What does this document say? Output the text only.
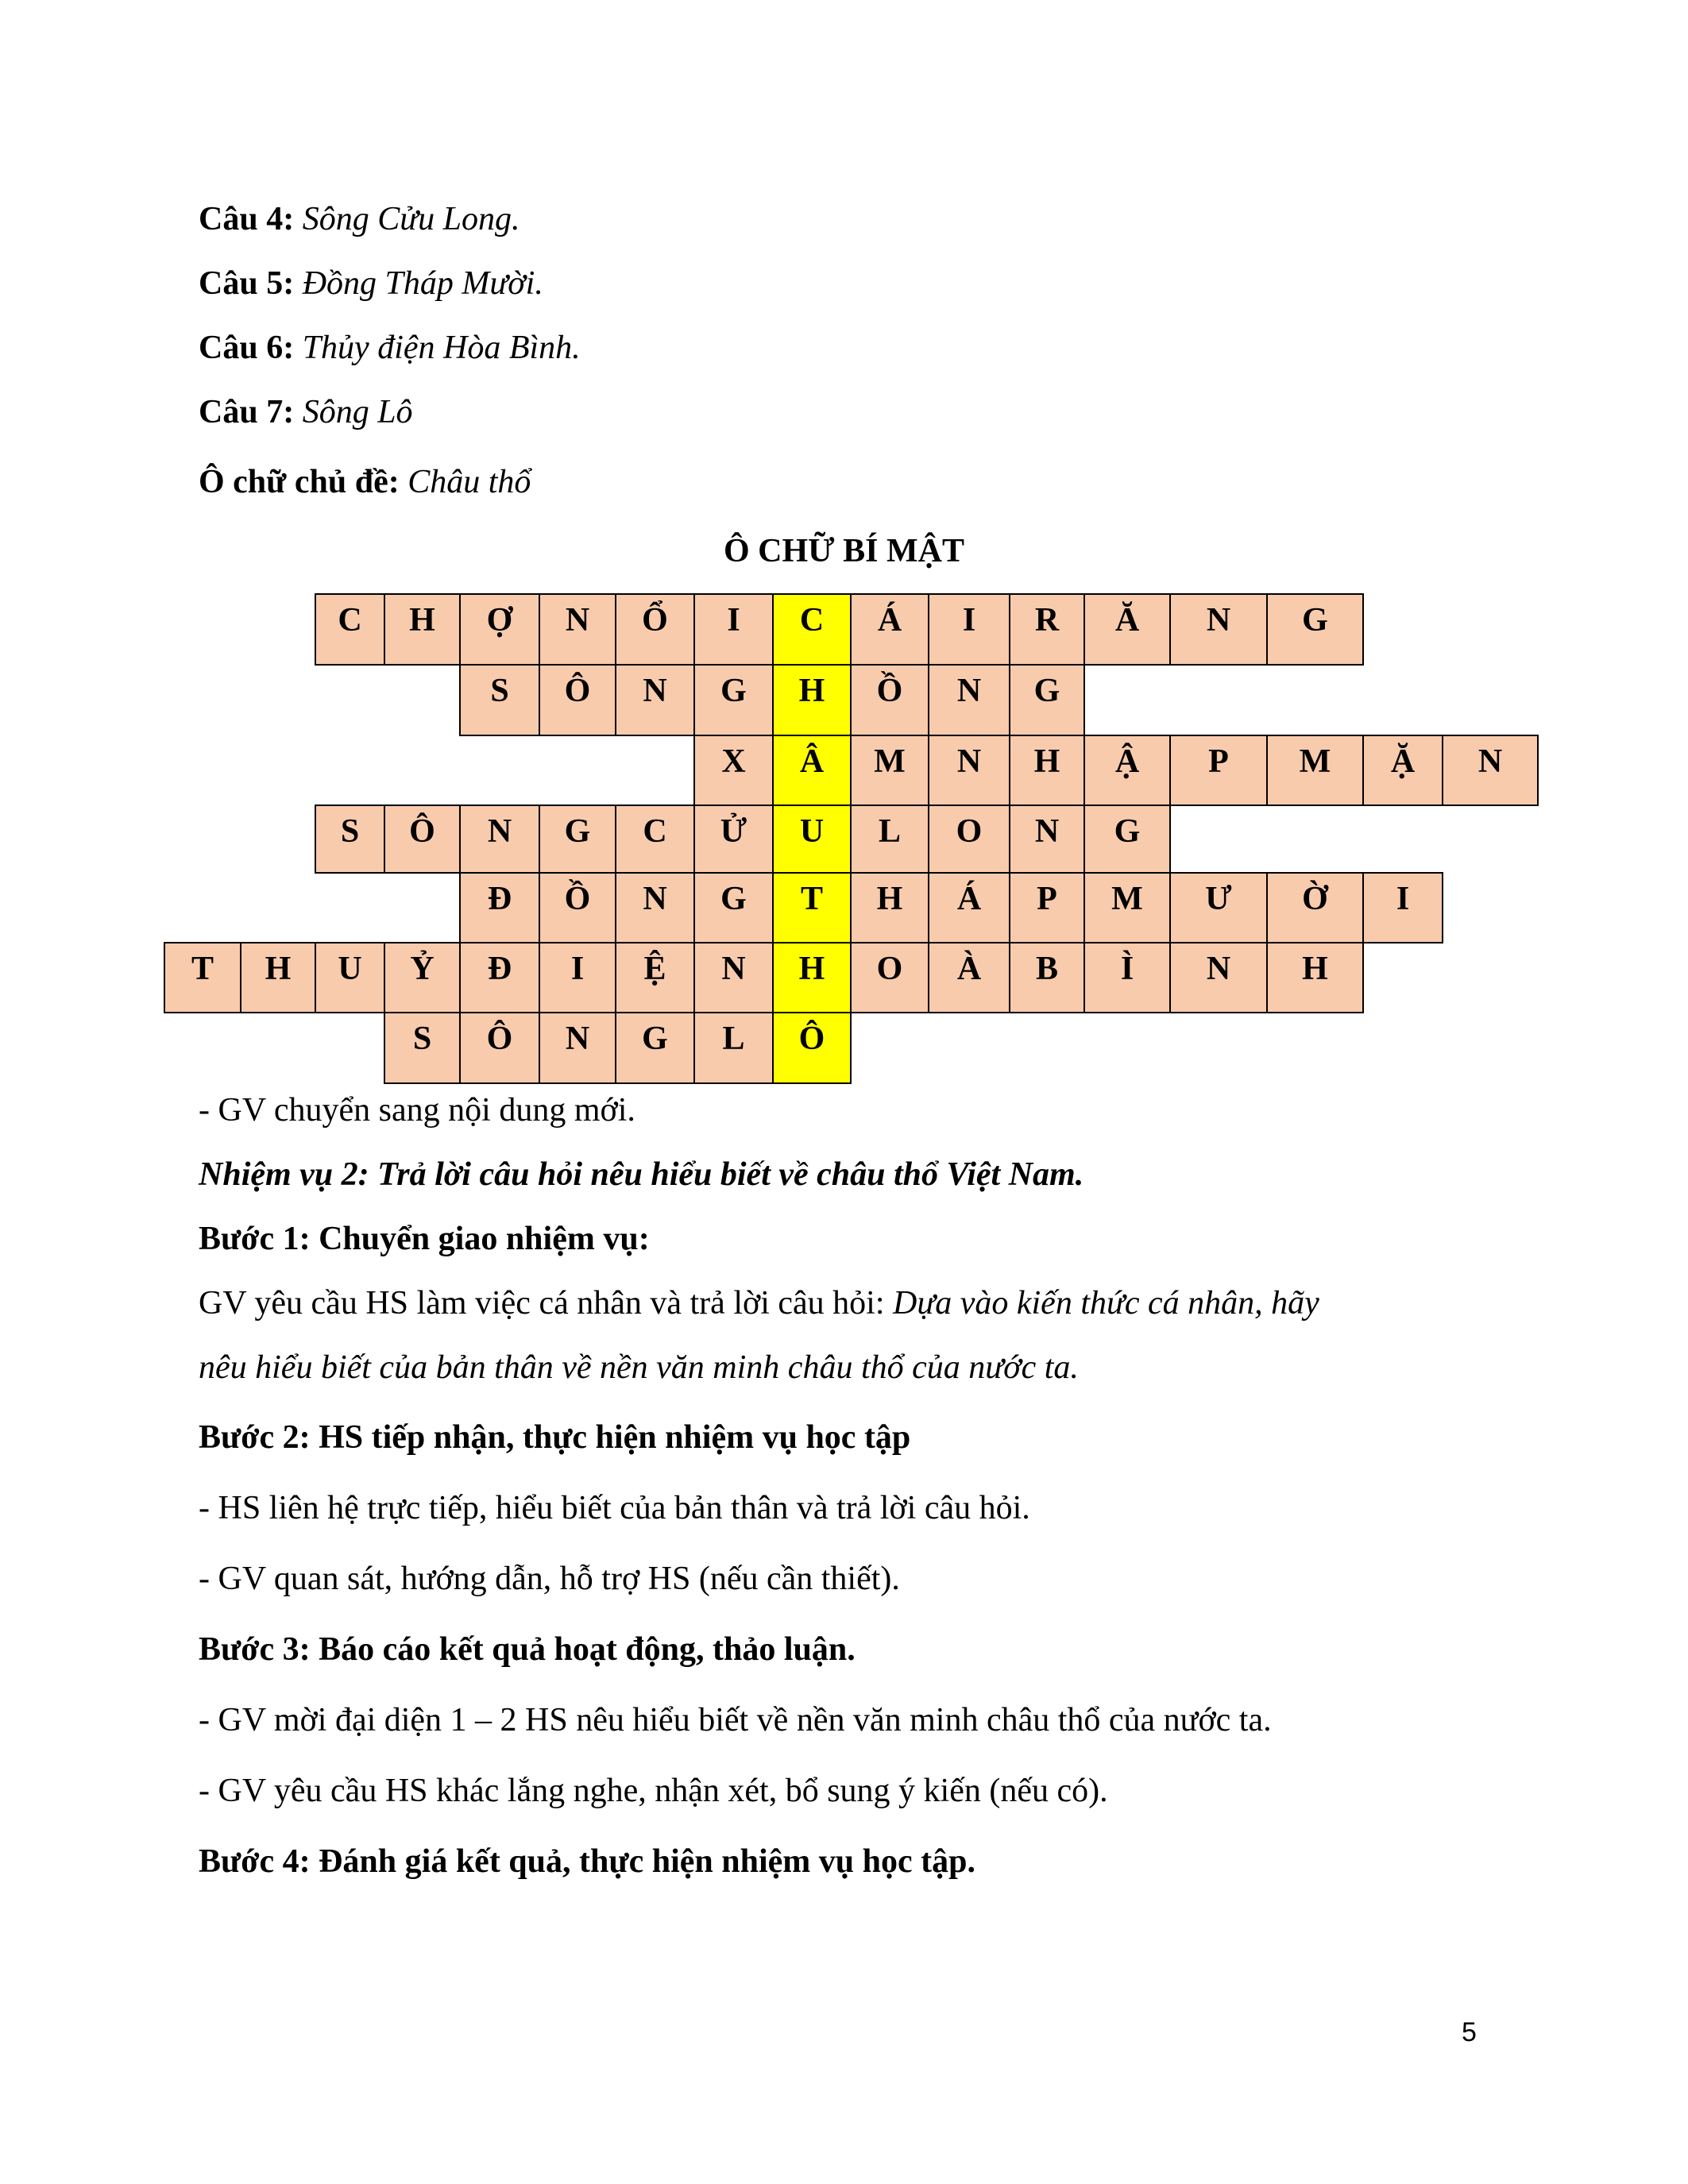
Câu 4: Sông Cửu Long.
Câu 5: Đồng Tháp Mười.
Câu 6: Thủy điện Hòa Bình.
Câu 7: Sông Lô
Ô chữ chủ đề: Châu thổ
Ô CHỮ BÍ MẬT
C	H	Ợ	N	Ổ	I	C	Á	I	R	Ă	N	G
S	Ô	N	G	H	Ồ	N	G
X	Â	M	N	H	Ậ	P	M	Ặ	N
S	Ô	N	G	C	Ử	U	L	O	N	G
Đ	Ồ	N	G	T	H	Á	P	M	Ư	Ờ	I
T	H	U	Ỷ	Đ	I	Ệ	N	H	O	À	B	Ì	N	H
S	Ô	N	G	L	Ô
- GV chuyển sang nội dung mới.
Nhiệm vụ 2: Trả lời câu hỏi nêu hiểu biết về châu thổ Việt Nam.
Bước 1: Chuyển giao nhiệm vụ:
GV yêu cầu HS làm việc cá nhân và trả lời câu hỏi: Dựa vào kiến thức cá nhân, hãy
nêu hiểu biết của bản thân về nền văn minh châu thổ của nước ta.
Bước 2: HS tiếp nhận, thực hiện nhiệm vụ học tập
- HS liên hệ trực tiếp, hiểu biết của bản thân và trả lời câu hỏi.
- GV quan sát, hướng dẫn, hỗ trợ HS (nếu cần thiết).
Bước 3: Báo cáo kết quả hoạt động, thảo luận.
- GV mời đại diện 1 – 2 HS nêu hiểu biết về nền văn minh châu thổ của nước ta.
- GV yêu cầu HS khác lắng nghe, nhận xét, bổ sung ý kiến (nếu có).
Bước 4: Đánh giá kết quả, thực hiện nhiệm vụ học tập.
5
